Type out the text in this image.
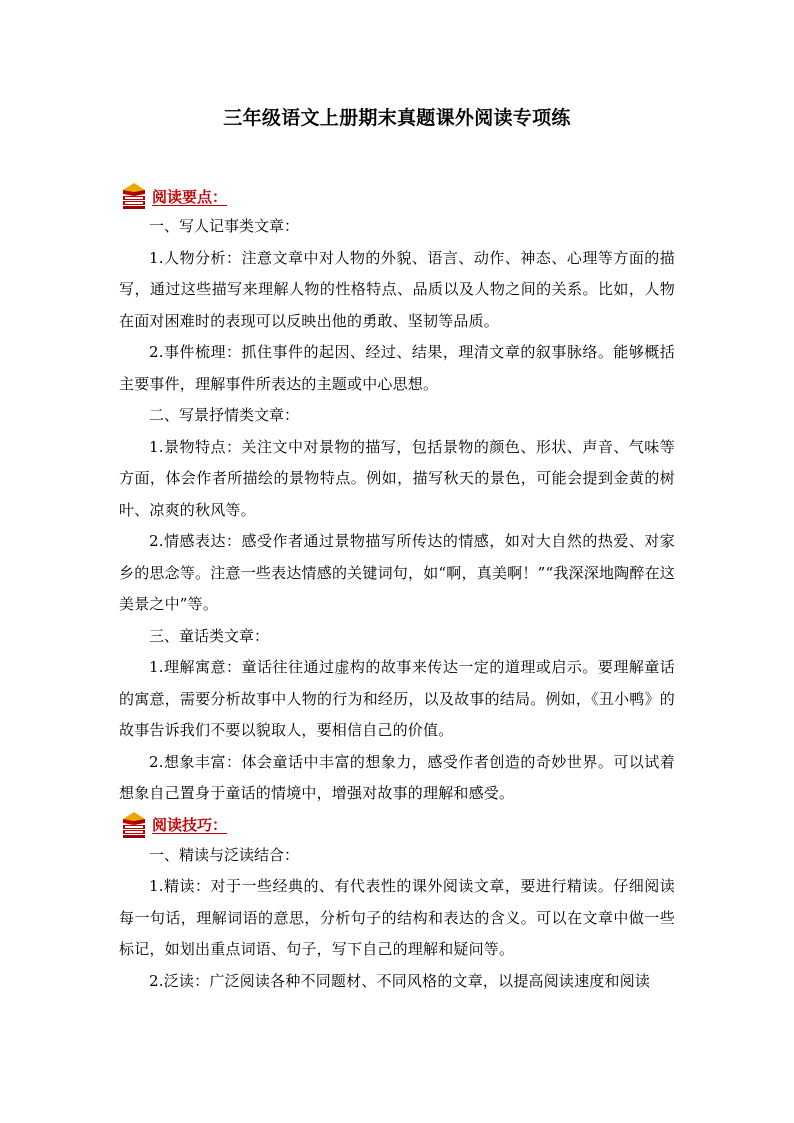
三年级语文上册期末真题课外阅读专项练
阅读要点：

一、写人记事类文章：

1.人物分析：注意文章中对人物的外貌、语言、动作、神态、心理等方面的描写，通过这些描写来理解人物的性格特点、品质以及人物之间的关系。比如，人物在面对困难时的表现可以反映出他的勇敢、坚韧等品质。

2.事件梳理：抓住事件的起因、经过、结果，理清文章的叙事脉络。能够概括主要事件，理解事件所表达的主题或中心思想。

二、写景抒情类文章：

1.景物特点：关注文中对景物的描写，包括景物的颜色、形状、声音、气味等方面，体会作者所描绘的景物特点。例如，描写秋天的景色，可能会提到金黄的树叶、凉爽的秋风等。

2.情感表达：感受作者通过景物描写所传达的情感，如对大自然的热爱、对家乡的思念等。注意一些表达情感的关键词句，如“啊，真美啊！”“我深深地陶醉在这美景之中”等。

三、童话类文章：

1.理解寓意：童话往往通过虚构的故事来传达一定的道理或启示。要理解童话的寓意，需要分析故事中人物的行为和经历，以及故事的结局。例如，《丑小鸭》的故事告诉我们不要以貌取人，要相信自己的价值。

2.想象丰富：体会童话中丰富的想象力，感受作者创造的奇妙世界。可以试着想象自己置身于童话的情境中，增强对故事的理解和感受。

阅读技巧：

一、精读与泛读结合：

1.精读：对于一些经典的、有代表性的课外阅读文章，要进行精读。仔细阅读每一句话，理解词语的意思，分析句子的结构和表达的含义。可以在文章中做一些标记，如划出重点词语、句子，写下自己的理解和疑问等。

2.泛读：广泛阅读各种不同题材、不同风格的文章，以提高阅读速度和阅读
